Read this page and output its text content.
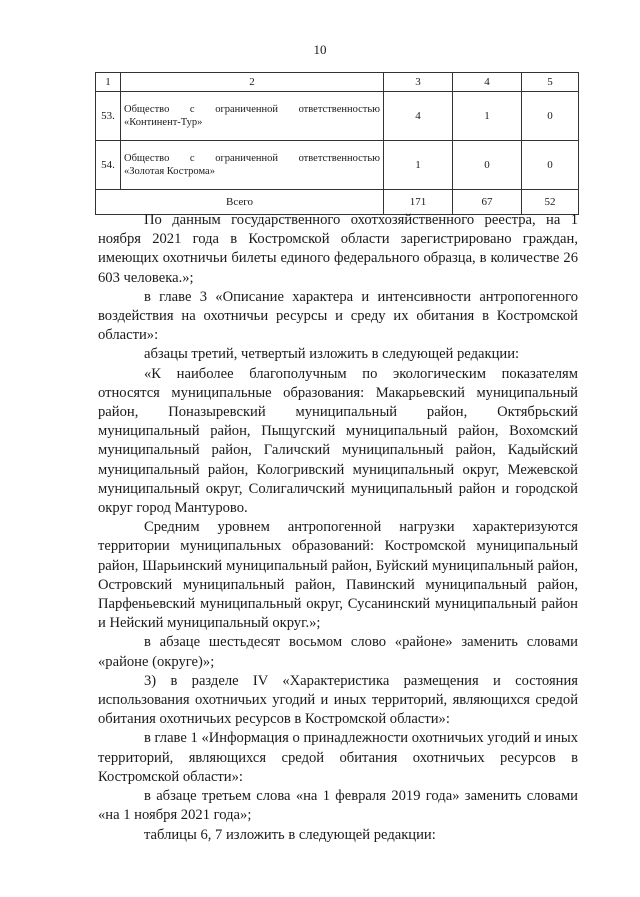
10
1	2	3	4	5
53.	Общество с ограниченной ответственностью
«Континент-Тур»	4	1	0
54.	Общество с ограниченной ответственностью
«Золотая Кострома»	1	0	0
Всего		171	67	52

По данным государственного охотхозяйственного реестра, на 1 ноября 2021 года в Костромской области зарегистрировано граждан, имеющих охотничьи билеты единого федерального образца, в количестве 26 603 человека.»;

в главе 3 «Описание характера и интенсивности антропогенного воздействия на охотничьи ресурсы и среду их обитания в Костромской области»:

абзацы третий, четвертый изложить в следующей редакции:

«К наиболее благополучным по экологическим показателям относятся муниципальные образования: Макарьевский муниципальный район, Поназыревский муниципальный район, Октябрьский муниципальный район, Пыщугский муниципальный район, Вохомский муниципальный район, Галичский муниципальный район, Кадыйский муниципальный район, Кологривский муниципальный округ, Межевской муниципальный округ, Солигаличский муниципальный район и городской округ город Мантурово.

Средним уровнем антропогенной нагрузки характеризуются территории муниципальных образований: Костромской муниципальный район, Шарьинский муниципальный район, Буйский муниципальный район, Островский муниципальный район, Павинский муниципальный район, Парфеньевский муниципальный округ, Сусанинский муниципальный район и Нейский муниципальный округ.»;

в абзаце шестьдесят восьмом слово «районе» заменить словами «районе (округе)»;

3) в разделе IV «Характеристика размещения и состояния использования охотничьих угодий и иных территорий, являющихся средой обитания охотничьих ресурсов в Костромской области»:

в главе 1 «Информация о принадлежности охотничьих угодий и иных территорий, являющихся средой обитания охотничьих ресурсов в Костромской области»:

в абзаце третьем слова «на 1 февраля 2019 года» заменить словами «на 1 ноября 2021 года»;

таблицы 6, 7 изложить в следующей редакции:
